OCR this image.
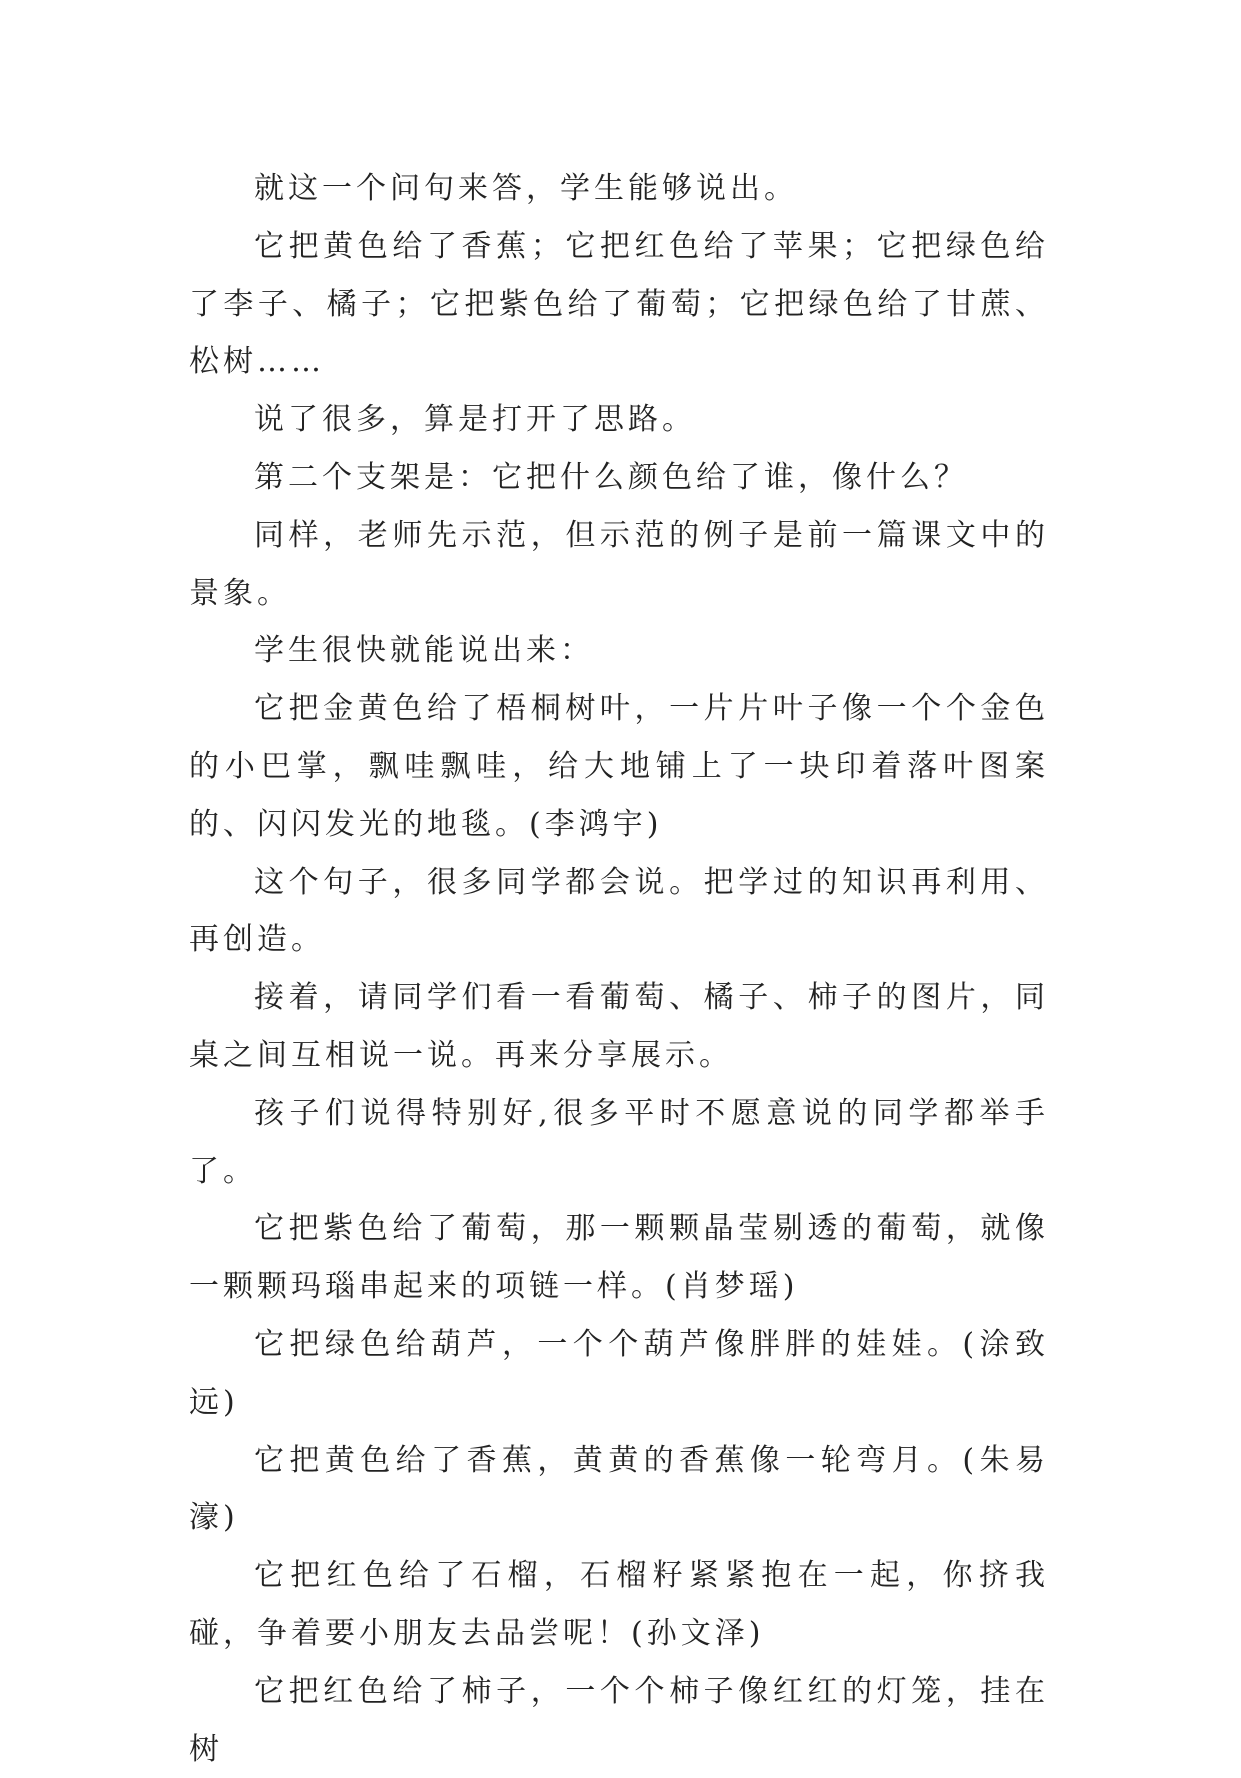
就这一个问句来答，学生能够说出。

它把黄色给了香蕉；它把红色给了苹果；它把绿色给了李子、橘子；它把紫色给了葡萄；它把绿色给了甘蔗、松树……

说了很多，算是打开了思路。

第二个支架是：它把什么颜色给了谁，像什么？

同样，老师先示范，但示范的例子是前一篇课文中的景象。

学生很快就能说出来：

它把金黄色给了梧桐树叶，一片片叶子像一个个金色的小巴掌，飘哇飘哇，给大地铺上了一块印着落叶图案的、闪闪发光的地毯。(李鸿宇)

这个句子，很多同学都会说。把学过的知识再利用、再创造。

接着，请同学们看一看葡萄、橘子、柿子的图片，同桌之间互相说一说。再来分享展示。

孩子们说得特别好,很多平时不愿意说的同学都举手了。

它把紫色给了葡萄，那一颗颗晶莹剔透的葡萄，就像一颗颗玛瑙串起来的项链一样。(肖梦瑶)

它把绿色给葫芦，一个个葫芦像胖胖的娃娃。(涂致远)

它把黄色给了香蕉，黄黄的香蕉像一轮弯月。(朱易濠)

它把红色给了石榴，石榴籽紧紧抱在一起，你挤我碰，争着要小朋友去品尝呢！(孙文泽)

它把红色给了柿子，一个个柿子像红红的灯笼，挂在树
